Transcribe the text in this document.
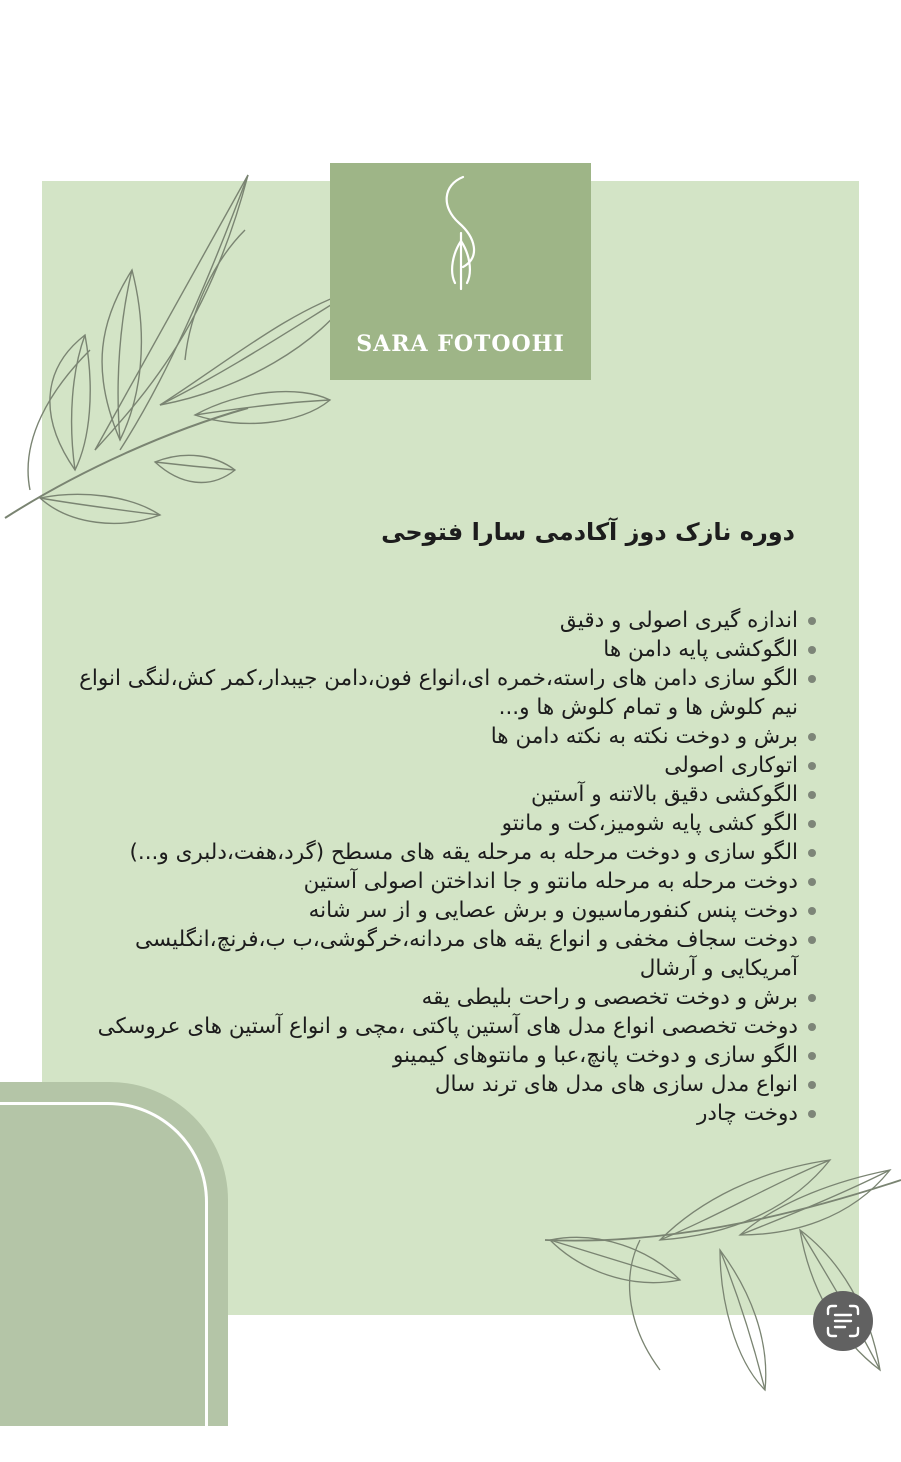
SARA FOTOOHI
دوره نازک دوز آکادمی سارا فتوحی
اندازه گیری اصولی و دقیق
الگوکشی پایه دامن ها
الگو سازی دامن های راسته،خمره ای،انواع فون،دامن جیبدار،کمر کش،لنگی انواع نیم کلوش ها و تمام کلوش ها و...
برش و دوخت نکته به نکته دامن ها
اتوکاری اصولی
الگوکشی دقیق بالاتنه و آستین
الگو کشی پایه شومیز،کت و مانتو
الگو سازی و دوخت مرحله به مرحله یقه های مسطح (گرد،هفت،دلبری و...)
دوخت مرحله به مرحله مانتو و جا انداختن اصولی آستین
دوخت پنس کنفورماسیون و برش عصایی و از سر شانه
دوخت سجاف مخفی و انواع یقه های مردانه،خرگوشی،ب ب،فرنچ،انگلیسی آمریکایی و آرشال
برش و دوخت تخصصی و راحت بلیطی یقه
دوخت تخصصی انواع مدل های آستین پاکتی ،مچی و انواع آستین های عروسکی
الگو سازی و دوخت پانچ،عبا و مانتوهای کیمینو
انواع مدل سازی های مدل های ترند سال
دوخت چادر
